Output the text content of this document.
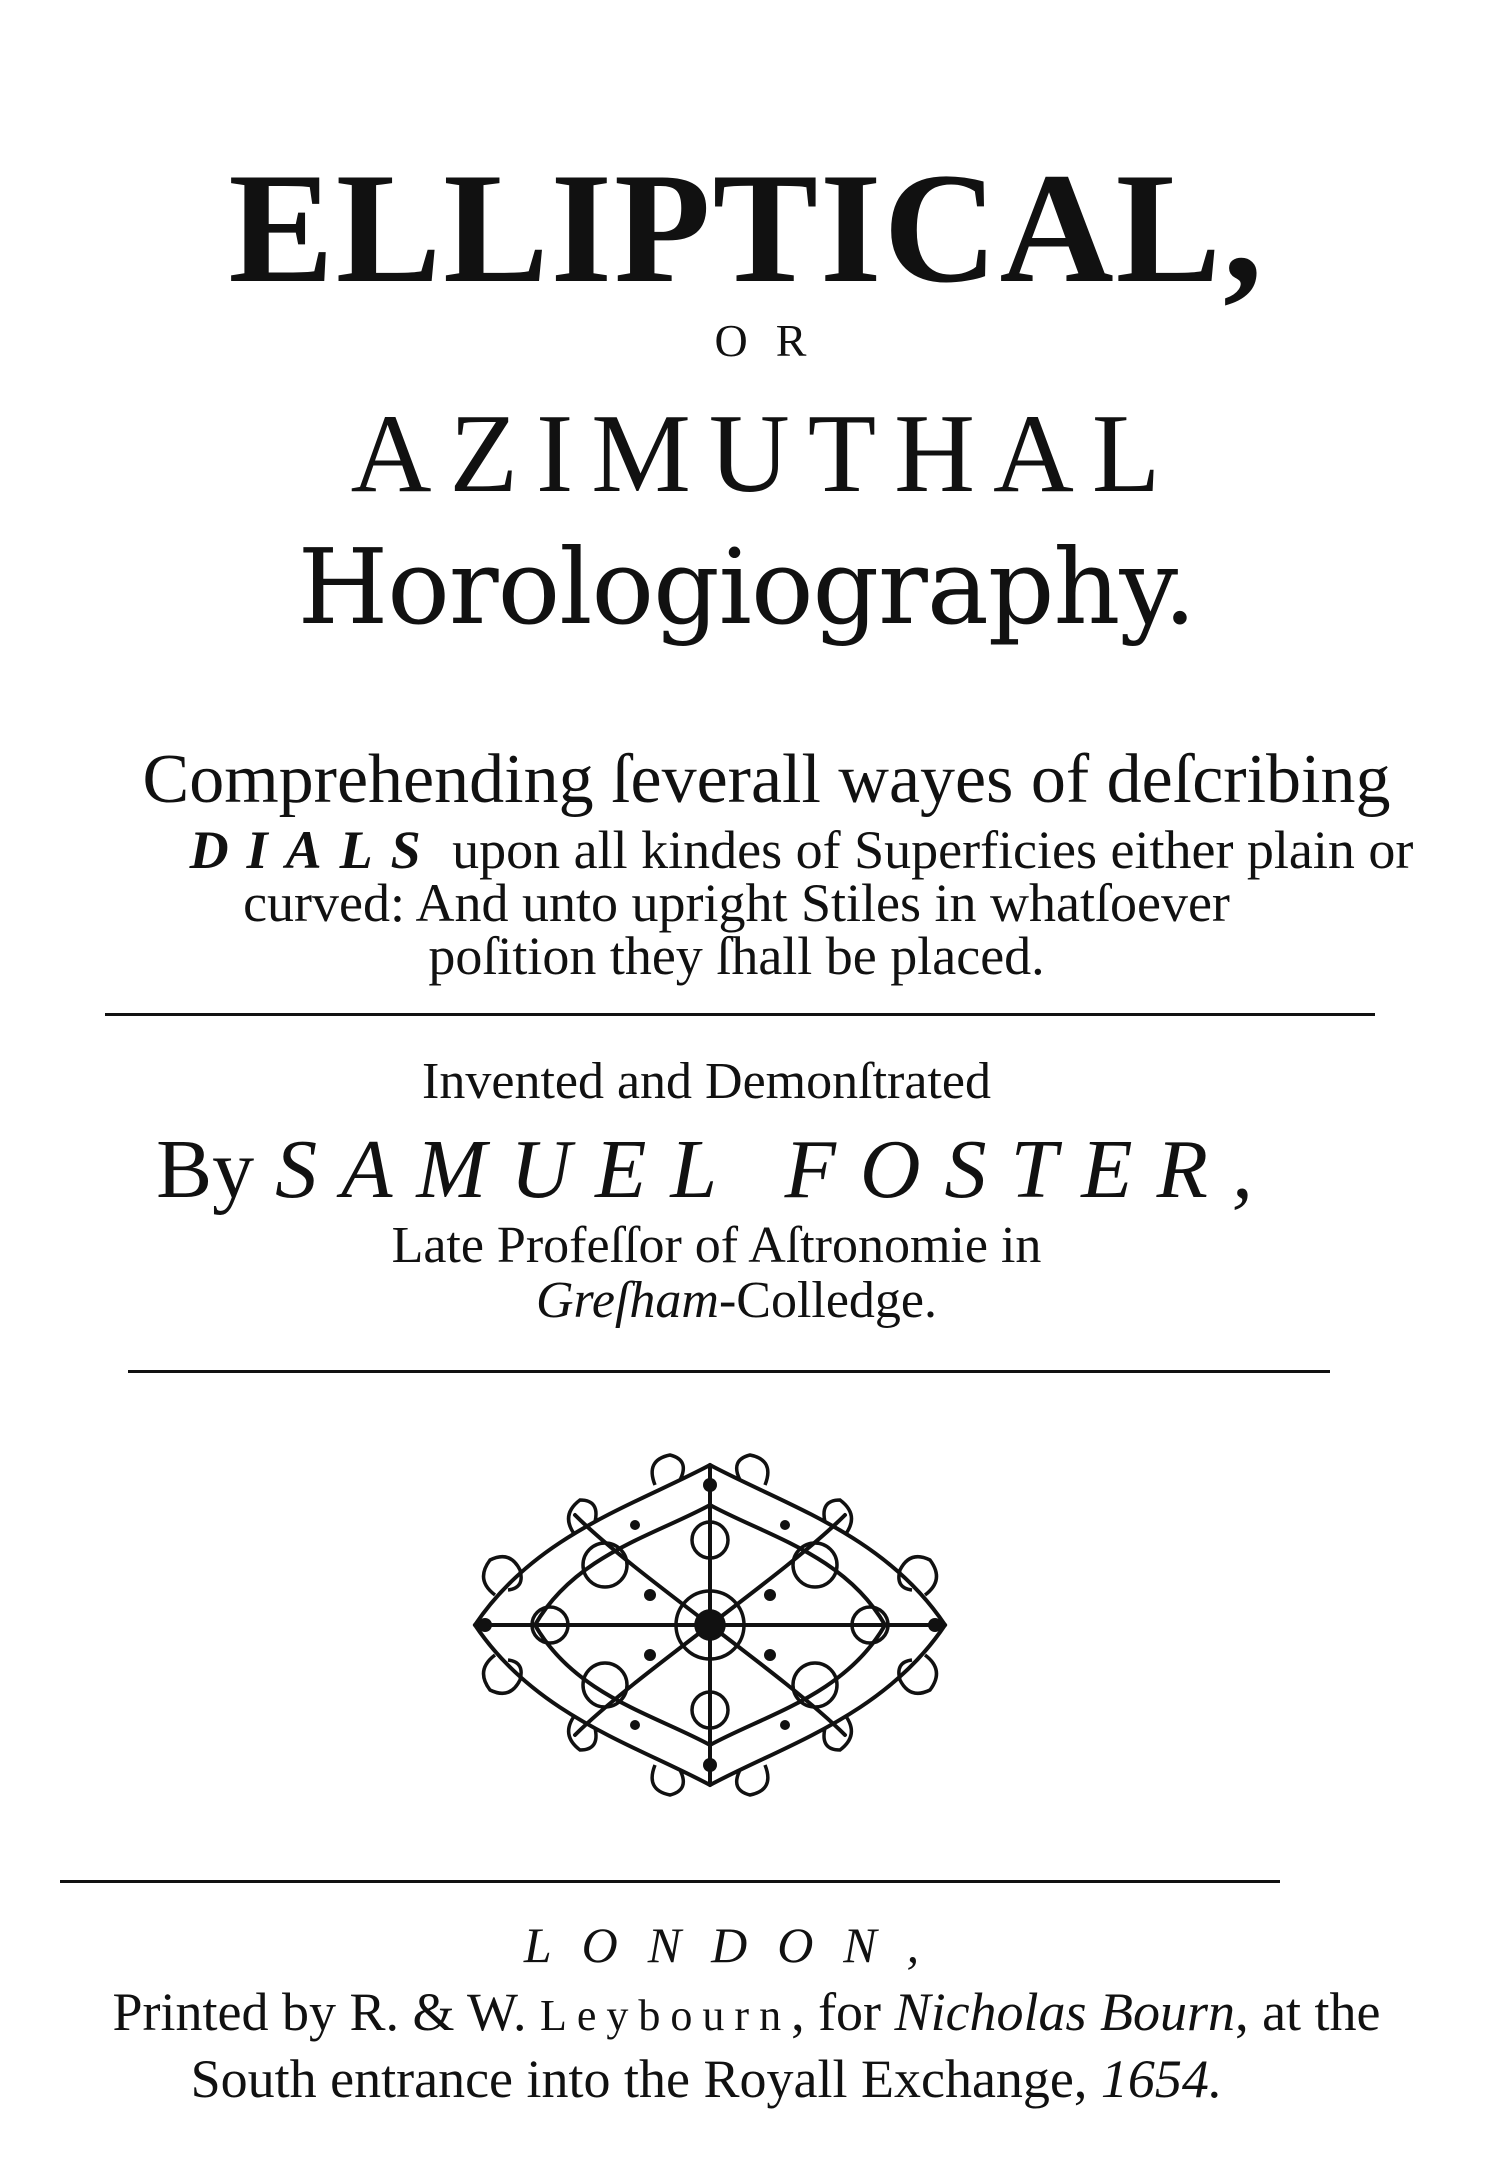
ELLIPTICAL,
OR
AZIMUTHAL
Horologiography.
Comprehending ſeverall wayes of deſcribing
DIALS upon all kindes of Superficies either plain or
curved: And unto upright Stiles in whatſoever
poſition they ſhall be placed.
Invented and Demonſtrated
By SAMUEL FOSTER,
Late Profeſſor of Aſtronomie in
Greſham-Colledge.
LONDON,
Printed by R. & W. Leybourn, for Nicholas Bourn, at the
South entrance into the Royall Exchange, 1654.
